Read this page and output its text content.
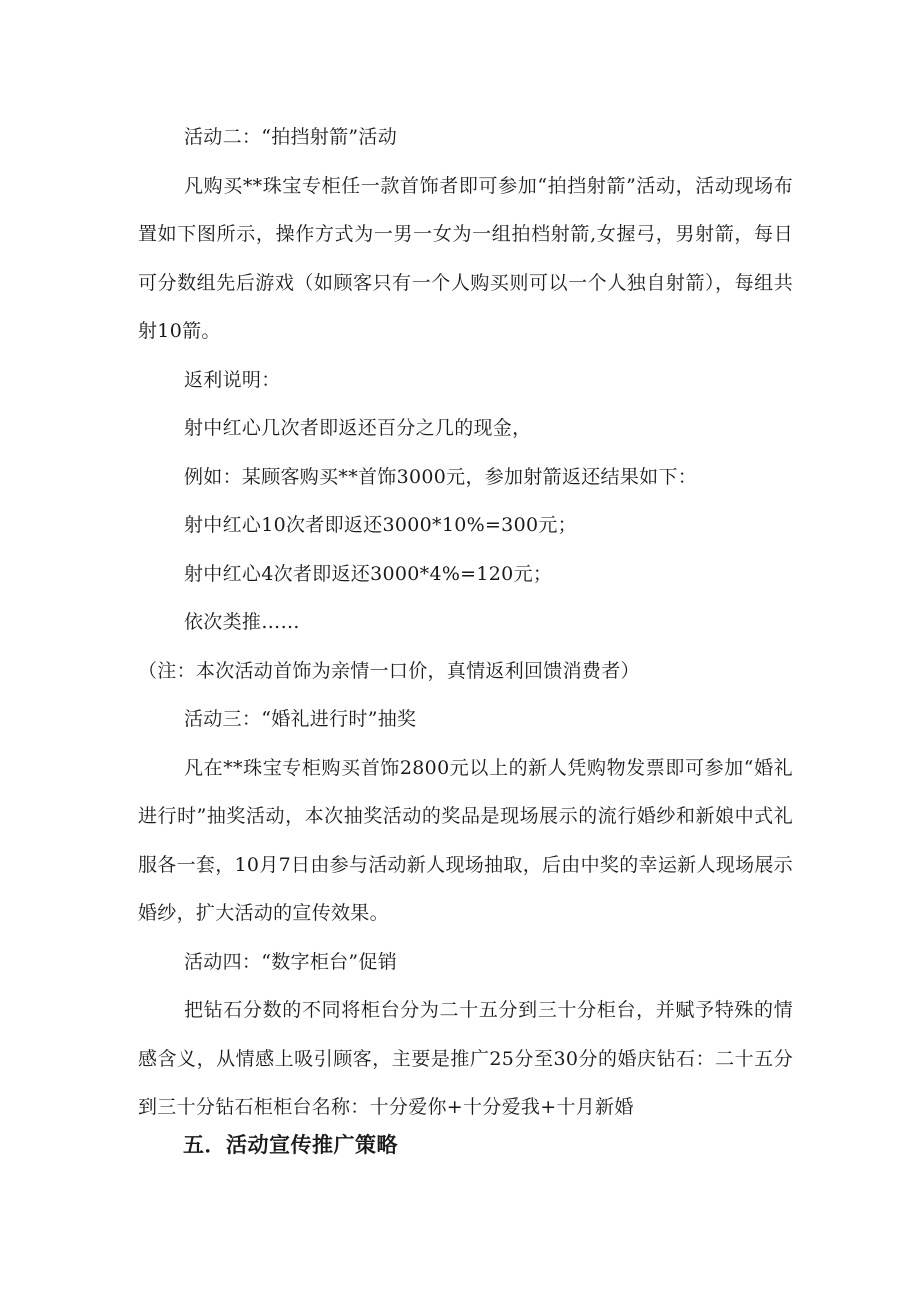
活动二：“拍挡射箭”活动

凡购买**珠宝专柜任一款首饰者即可参加“拍挡射箭”活动，活动现场布置如下图所示，操作方式为一男一女为一组拍档射箭,女握弓，男射箭，每日可分数组先后游戏（如顾客只有一个人购买则可以一个人独自射箭），每组共射10箭。

返利说明：

射中红心几次者即返还百分之几的现金，

例如：某顾客购买**首饰3000元，参加射箭返还结果如下：

射中红心10次者即返还3000*10%=300元；

射中红心4次者即返还3000*4%=120元；

依次类推……

（注：本次活动首饰为亲情一口价，真情返利回馈消费者）

活动三：“婚礼进行时”抽奖

凡在**珠宝专柜购买首饰2800元以上的新人凭购物发票即可参加“婚礼进行时”抽奖活动，本次抽奖活动的奖品是现场展示的流行婚纱和新娘中式礼服各一套，10月7日由参与活动新人现场抽取，后由中奖的幸运新人现场展示婚纱，扩大活动的宣传效果。

活动四：“数字柜台”促销

把钻石分数的不同将柜台分为二十五分到三十分柜台，并赋予特殊的情感含义，从情感上吸引顾客，主要是推广25分至30分的婚庆钻石：二十五分到三十分钻石柜柜台名称：十分爱你+十分爱我+十月新婚

五．活动宣传推广策略
